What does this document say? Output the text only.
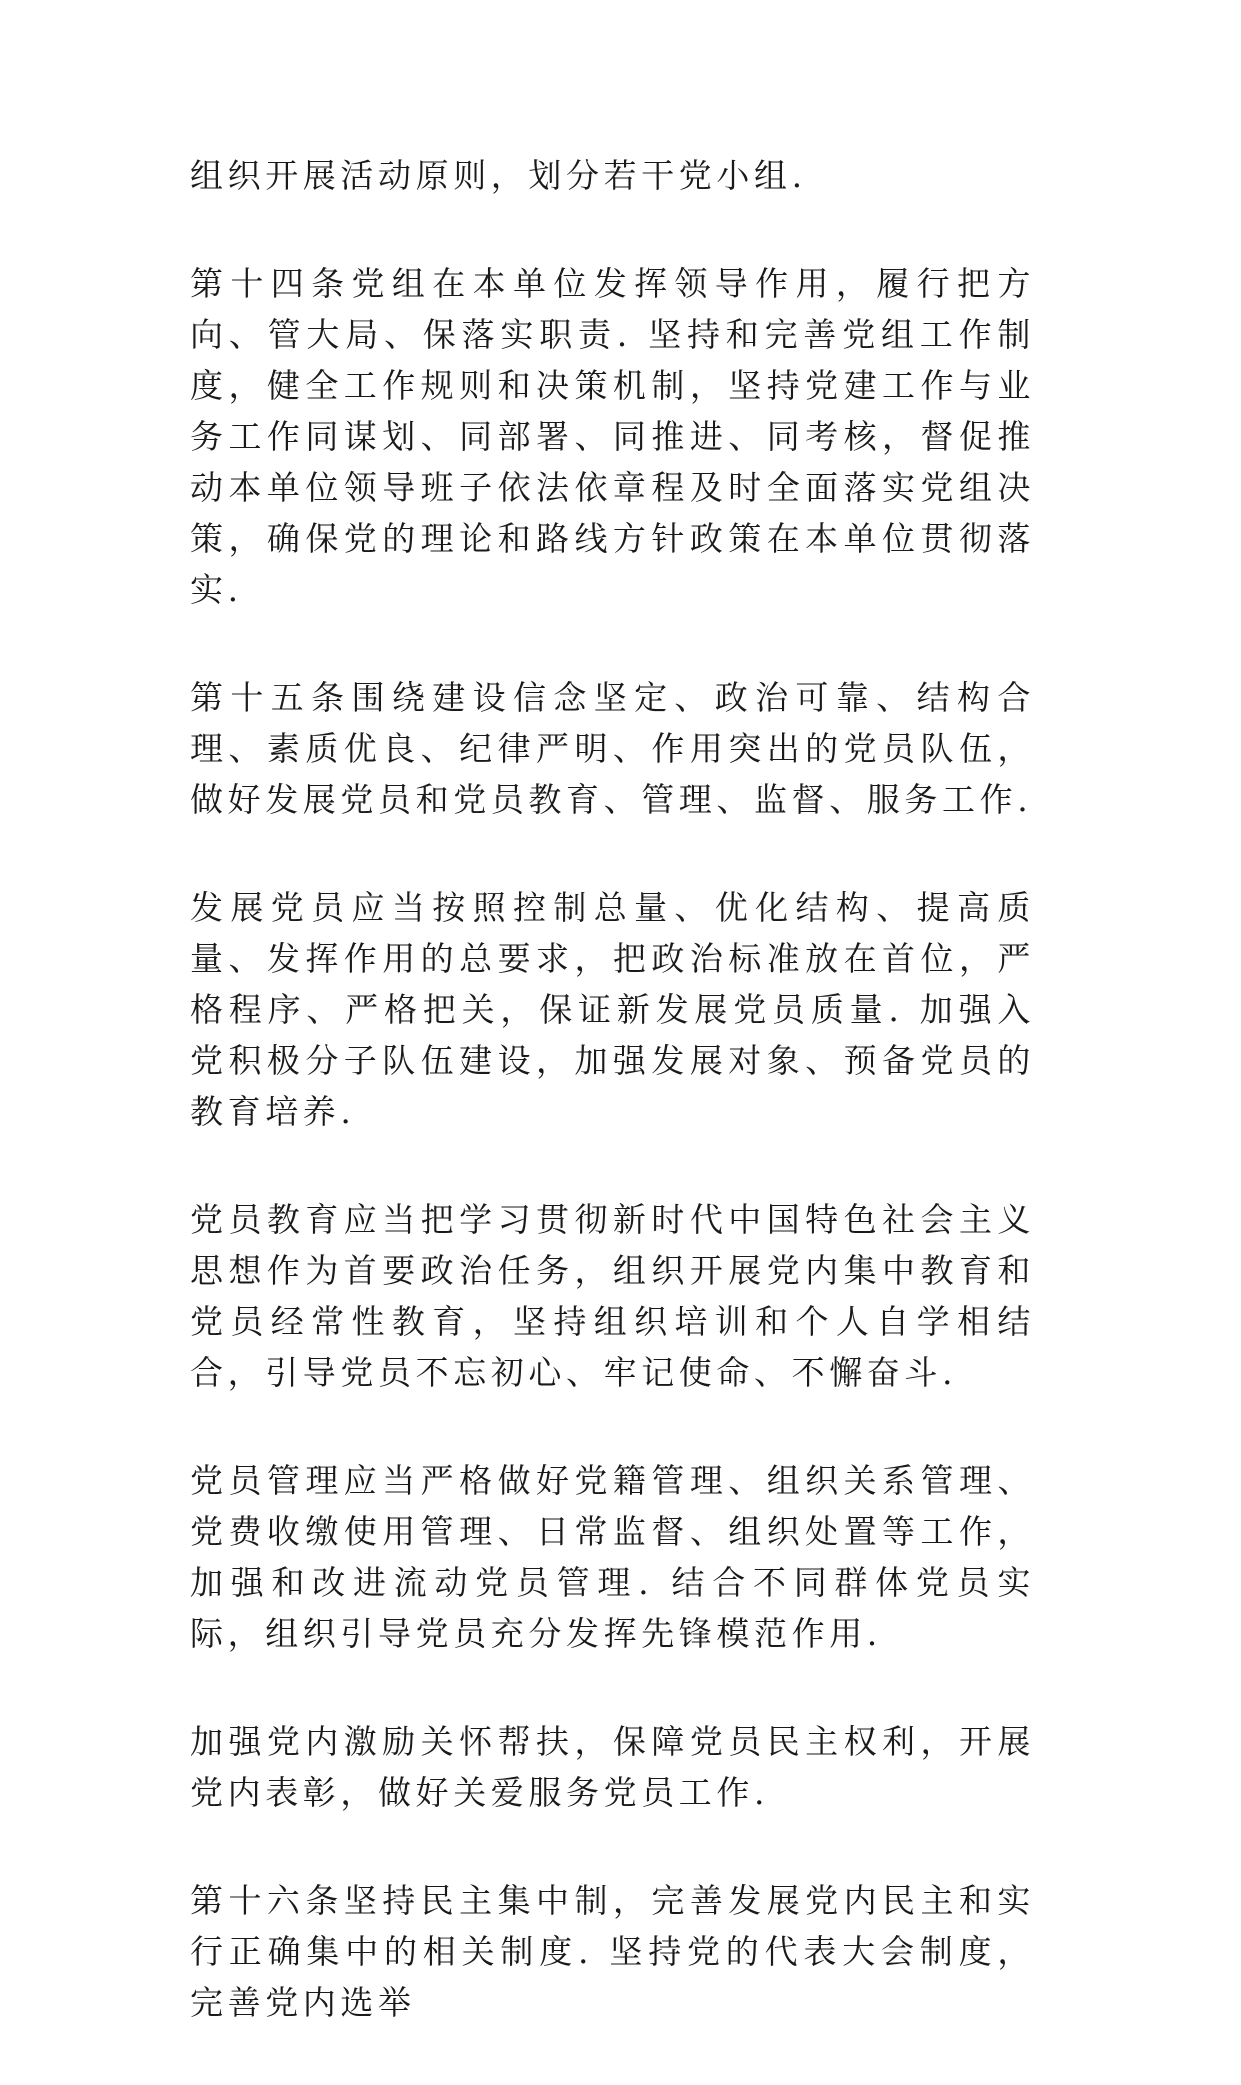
组织开展活动原则，划分若干党小组.

第十四条党组在本单位发挥领导作用，履行把方向、管大局、保落实职责. 坚持和完善党组工作制度，健全工作规则和决策机制，坚持党建工作与业务工作同谋划、同部署、同推进、同考核，督促推动本单位领导班子依法依章程及时全面落实党组决策，确保党的理论和路线方针政策在本单位贯彻落实.

第十五条围绕建设信念坚定、政治可靠、结构合理、素质优良、纪律严明、作用突出的党员队伍，做好发展党员和党员教育、管理、监督、服务工作.

发展党员应当按照控制总量、优化结构、提高质量、发挥作用的总要求，把政治标准放在首位，严格程序、严格把关，保证新发展党员质量. 加强入党积极分子队伍建设，加强发展对象、预备党员的教育培养.

党员教育应当把学习贯彻新时代中国特色社会主义思想作为首要政治任务，组织开展党内集中教育和党员经常性教育，坚持组织培训和个人自学相结合，引导党员不忘初心、牢记使命、不懈奋斗.

党员管理应当严格做好党籍管理、组织关系管理、党费收缴使用管理、日常监督、组织处置等工作，加强和改进流动党员管理. 结合不同群体党员实际，组织引导党员充分发挥先锋模范作用.

加强党内激励关怀帮扶，保障党员民主权利，开展党内表彰，做好关爱服务党员工作.

第十六条坚持民主集中制，完善发展党内民主和实行正确集中的相关制度. 坚持党的代表大会制度，完善党内选举
